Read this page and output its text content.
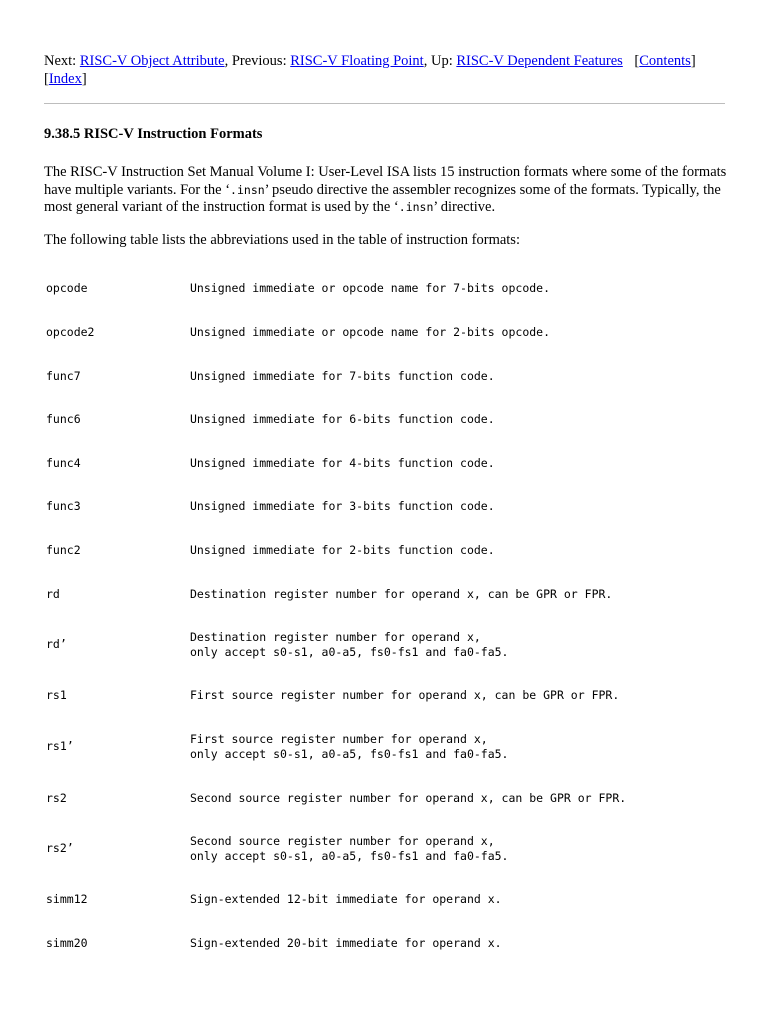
Next: RISC-V Object Attribute, Previous: RISC-V Floating Point, Up: RISC-V Dependent Features [Contents]
[Index]
9.38.5 RISC-V Instruction Formats

The RISC-V Instruction Set Manual Volume I: User-Level ISA lists 15 instruction formats where some of the formats have multiple variants. For the ‘.insn’ pseudo directive the assembler recognizes some of the formats. Typically, the most general variant of the instruction format is used by the ‘.insn’ directive.

The following table lists the abbreviations used in the table of instruction formats:

opcode	Unsigned immediate or opcode name for 7-bits opcode.
opcode2	Unsigned immediate or opcode name for 2-bits opcode.
func7	Unsigned immediate for 7-bits function code.
func6	Unsigned immediate for 6-bits function code.
func4	Unsigned immediate for 4-bits function code.
func3	Unsigned immediate for 3-bits function code.
func2	Unsigned immediate for 2-bits function code.
rd	Destination register number for operand x, can be GPR or FPR.
rd’	Destination register number for operand x,
only accept s0-s1, a0-a5, fs0-fs1 and fa0-fa5.
rs1	First source register number for operand x, can be GPR or FPR.
rs1’	First source register number for operand x,
only accept s0-s1, a0-a5, fs0-fs1 and fa0-fa5.
rs2	Second source register number for operand x, can be GPR or FPR.
rs2’	Second source register number for operand x,
only accept s0-s1, a0-a5, fs0-fs1 and fa0-fa5.
simm12	Sign-extended 12-bit immediate for operand x.
simm20	Sign-extended 20-bit immediate for operand x.
